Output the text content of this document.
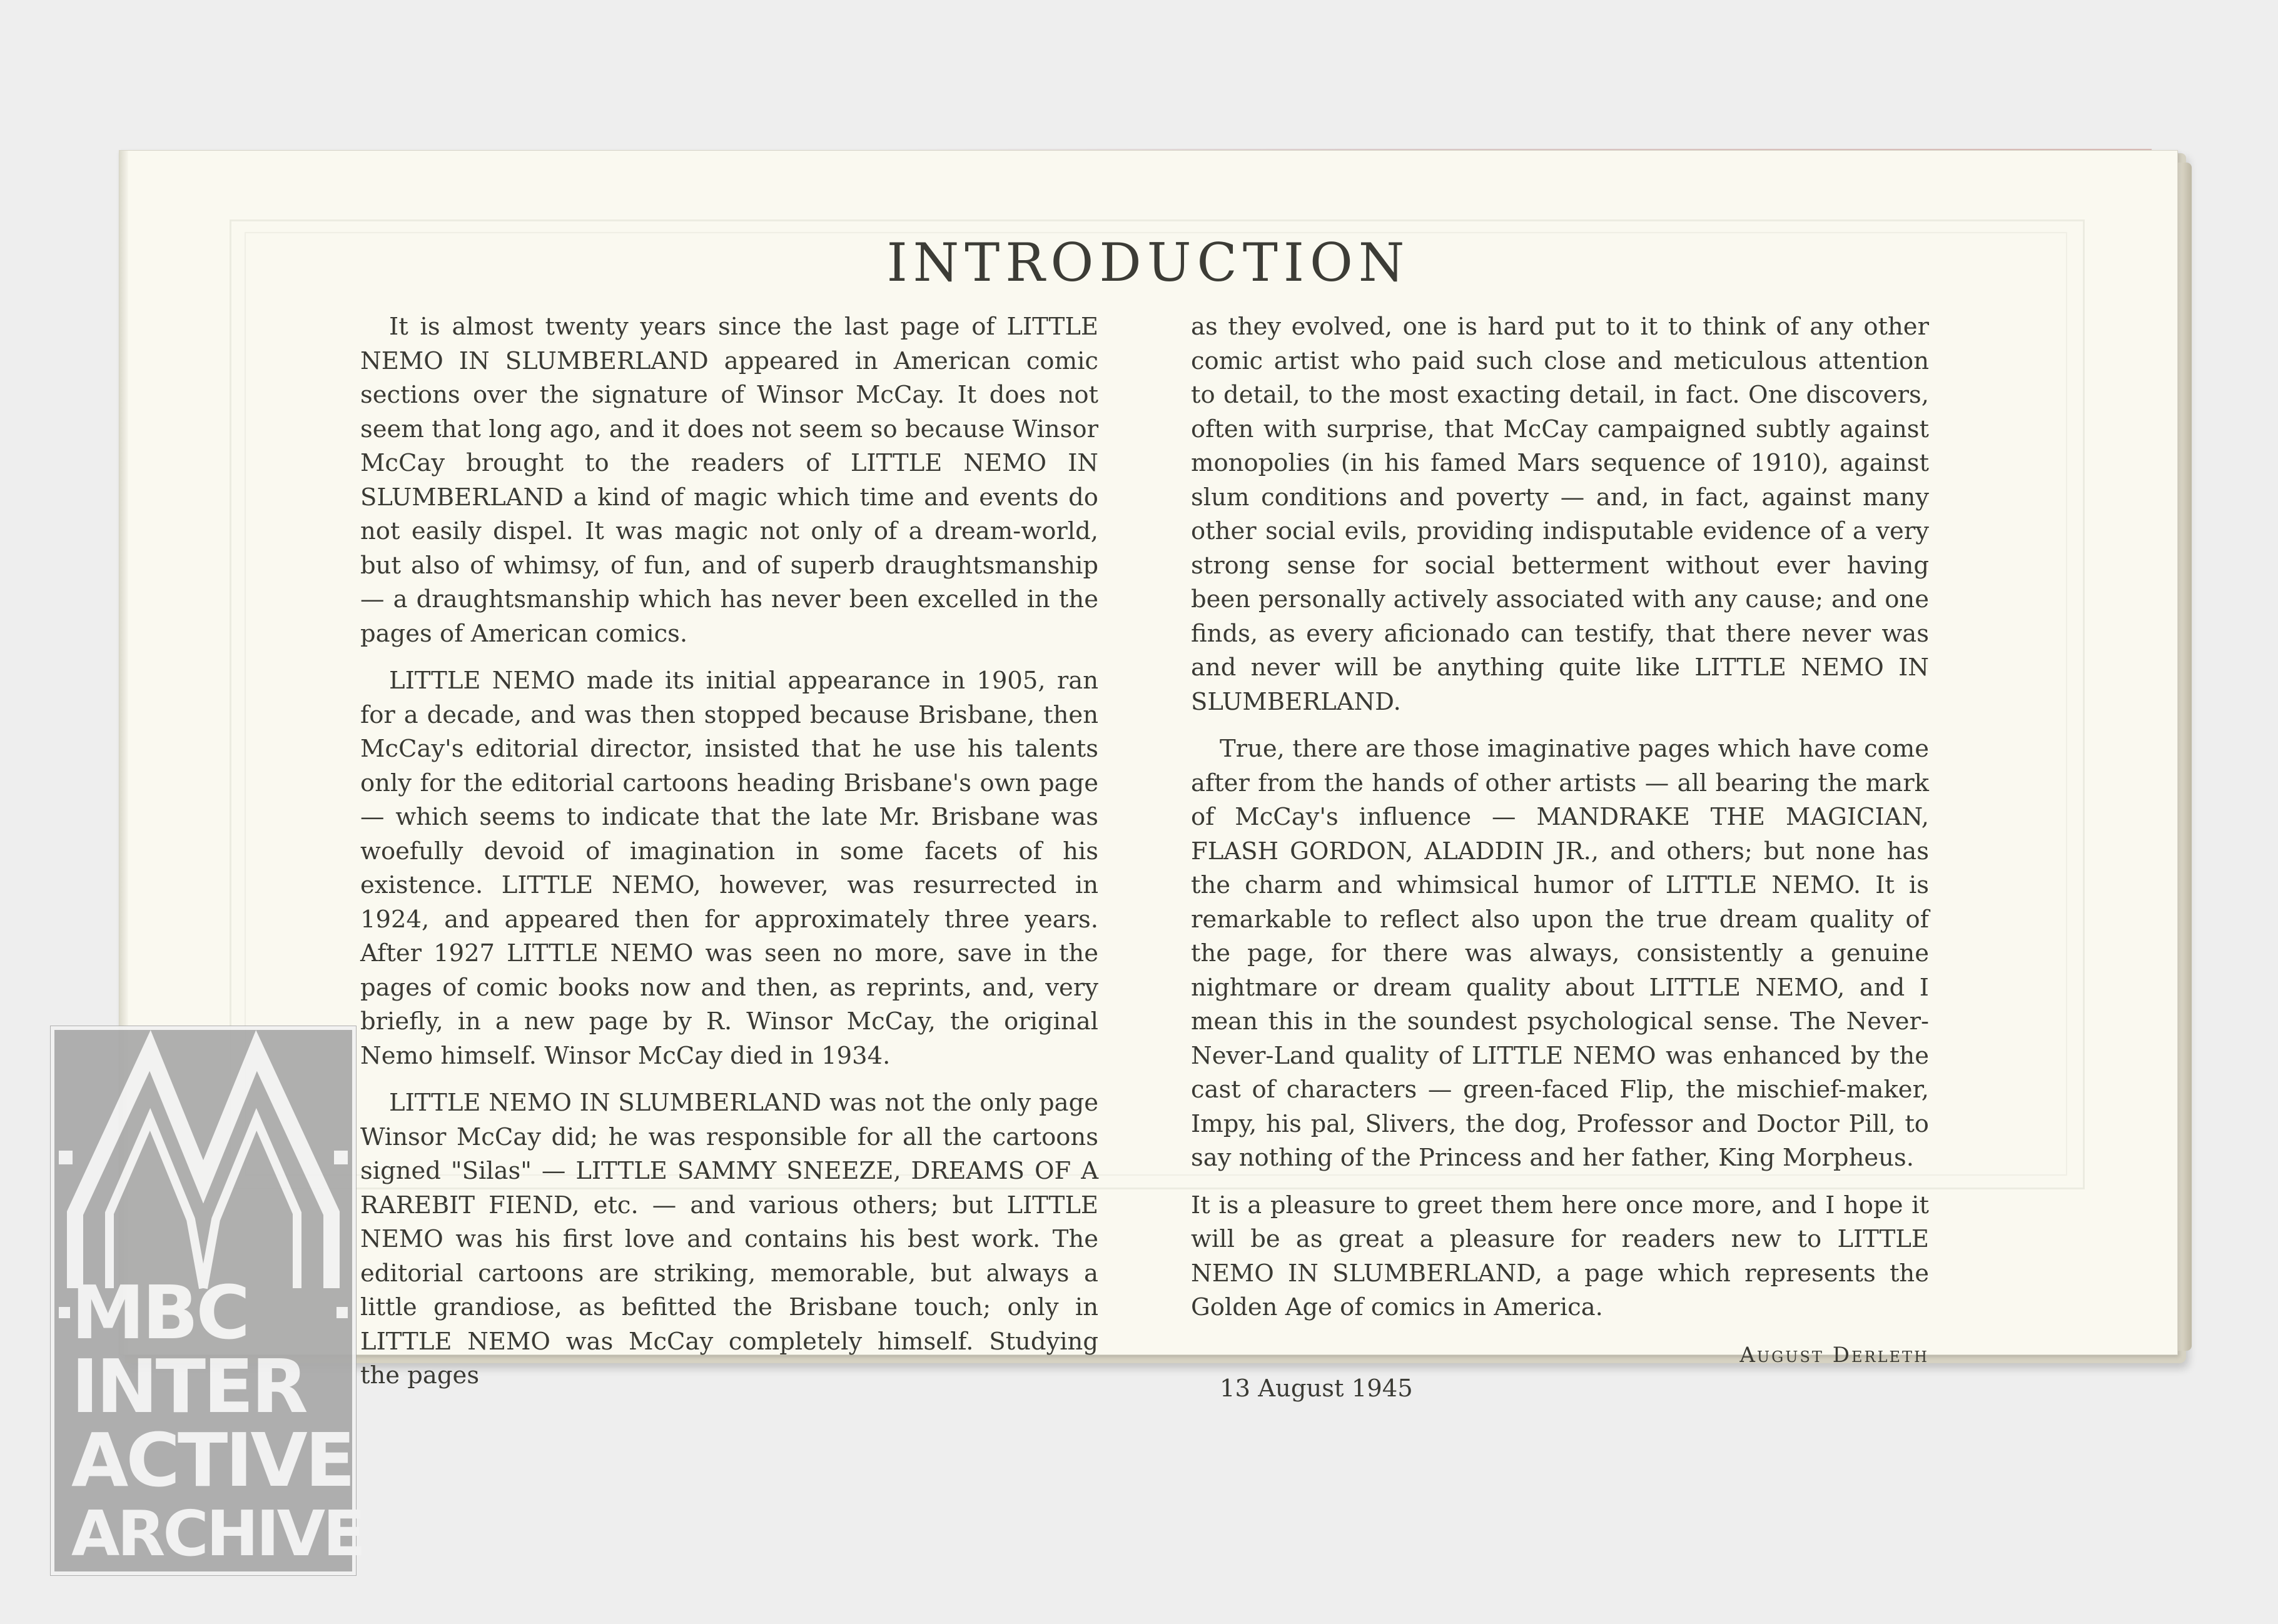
INTRODUCTION

It is almost twenty years since the last page of LITTLE NEMO IN SLUMBERLAND appeared in American comic sections over the signature of Winsor McCay. It does not seem that long ago, and it does not seem so because Winsor McCay brought to the readers of LITTLE NEMO IN SLUMBERLAND a kind of magic which time and events do not easily dispel. It was magic not only of a dream-world, but also of whimsy, of fun, and of superb draughtsmanship — a draughtsmanship which has never been excelled in the pages of American comics.

LITTLE NEMO made its initial appearance in 1905, ran for a decade, and was then stopped because Brisbane, then McCay's editorial director, insisted that he use his talents only for the editorial cartoons heading Brisbane's own page — which seems to indicate that the late Mr. Brisbane was woefully devoid of imagination in some facets of his existence. LITTLE NEMO, however, was resurrected in 1924, and appeared then for approximately three years. After 1927 LITTLE NEMO was seen no more, save in the pages of comic books now and then, as reprints, and, very briefly, in a new page by R. Winsor McCay, the original Nemo himself. Winsor McCay died in 1934.

LITTLE NEMO IN SLUMBERLAND was not the only page Winsor McCay did; he was responsible for all the cartoons signed "Silas" — LITTLE SAMMY SNEEZE, DREAMS OF A RAREBIT FIEND, etc. — and various others; but LITTLE NEMO was his first love and contains his best work. The editorial cartoons are striking, memorable, but always a little grandiose, as befitted the Brisbane touch; only in LITTLE NEMO was McCay completely himself. Studying the pages

as they evolved, one is hard put to it to think of any other comic artist who paid such close and meticulous attention to detail, to the most exacting detail, in fact. One discovers, often with surprise, that McCay campaigned subtly against monopolies (in his famed Mars sequence of 1910), against slum conditions and poverty — and, in fact, against many other social evils, providing indisputable evidence of a very strong sense for social betterment without ever having been personally actively associated with any cause; and one finds, as every aficionado can testify, that there never was and never will be anything quite like LITTLE NEMO IN SLUMBERLAND.

True, there are those imaginative pages which have come after from the hands of other artists — all bearing the mark of McCay's influence — MANDRAKE THE MAGICIAN, FLASH GORDON, ALADDIN JR., and others; but none has the charm and whimsical humor of LITTLE NEMO. It is remarkable to reflect also upon the true dream quality of the page, for there was always, consistently a genuine nightmare or dream quality about LITTLE NEMO, and I mean this in the soundest psychological sense. The Never-Never-Land quality of LITTLE NEMO was enhanced by the cast of characters — green-faced Flip, the mischief-maker, Impy, his pal, Slivers, the dog, Professor and Doctor Pill, to say nothing of the Princess and her father, King Morpheus.

It is a pleasure to greet them here once more, and I hope it will be as great a pleasure for readers new to LITTLE NEMO IN SLUMBERLAND, a page which represents the Golden Age of comics in America.

August Derleth

13 August 1945

MBC
INTER
ACTIVE
ARCHIVE
